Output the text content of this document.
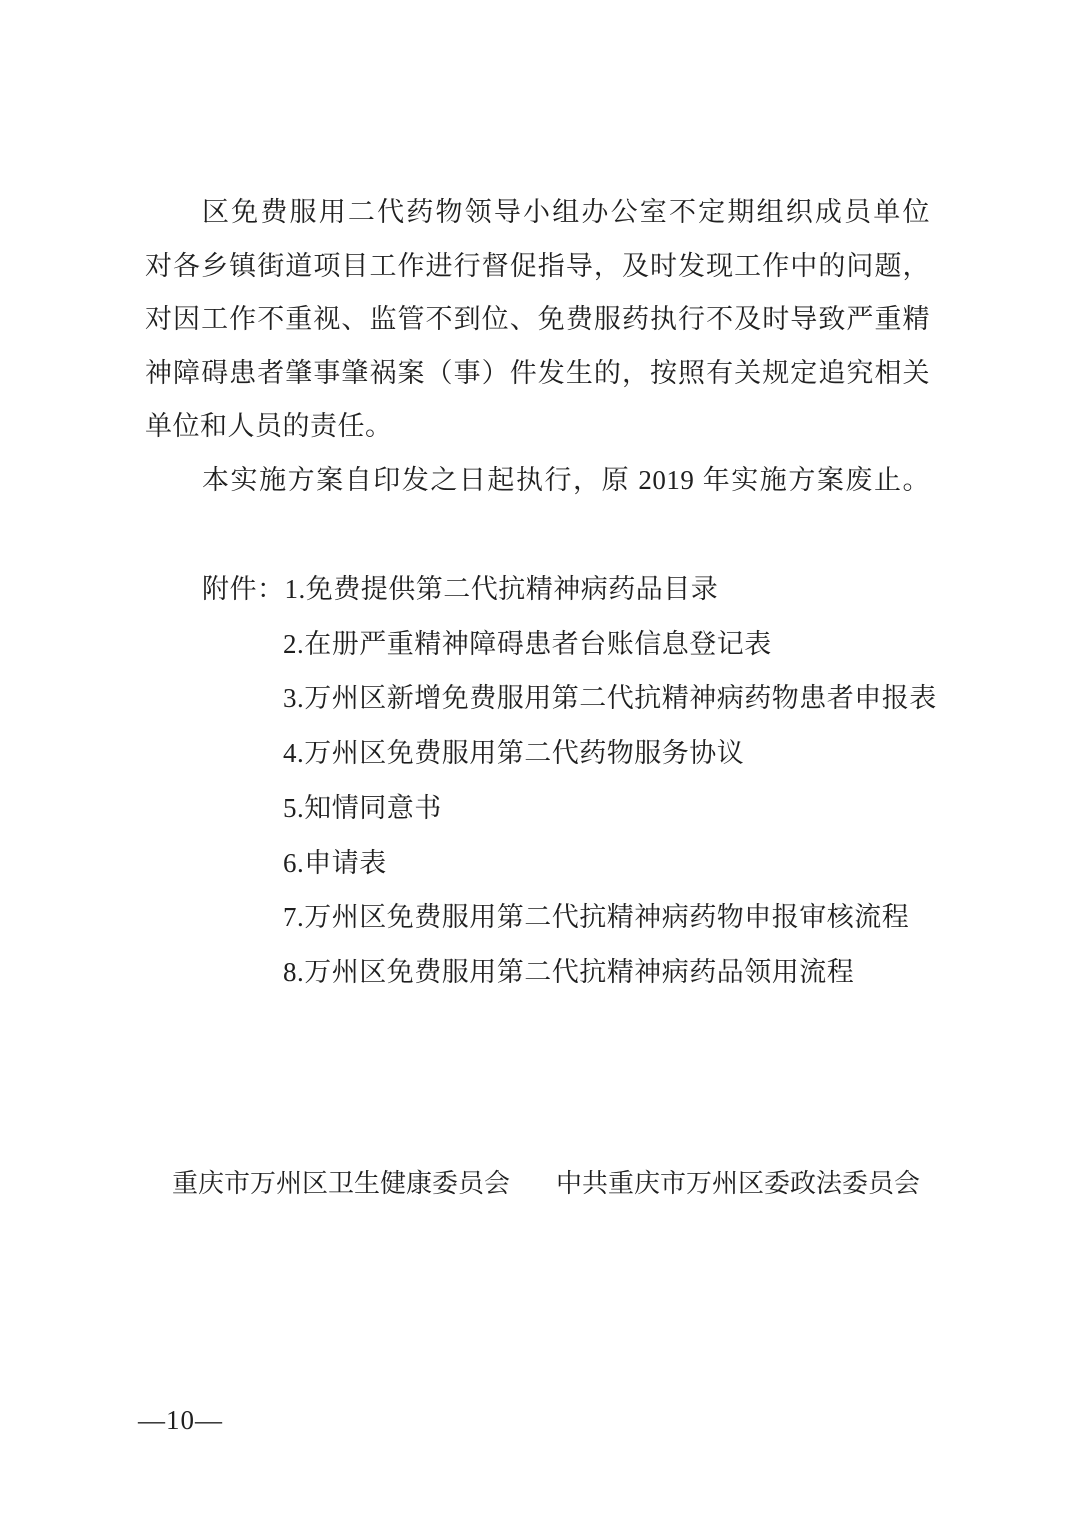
区免费服用二代药物领导小组办公室不定期组织成员单位
对各乡镇街道项目工作进行督促指导，及时发现工作中的问题，
对因工作不重视、监管不到位、免费服药执行不及时导致严重精
神障碍患者肇事肇祸案（事）件发生的，按照有关规定追究相关
单位和人员的责任。
本实施方案自印发之日起执行，原 2019 年实施方案废止。
附件：1.免费提供第二代抗精神病药品目录
2.在册严重精神障碍患者台账信息登记表
3.万州区新增免费服用第二代抗精神病药物患者申报表
4.万州区免费服用第二代药物服务协议
5.知情同意书
6.申请表
7.万州区免费服用第二代抗精神病药物申报审核流程
8.万州区免费服用第二代抗精神病药品领用流程
重庆市万州区卫生健康委员会 中共重庆市万州区委政法委员会
—10—
